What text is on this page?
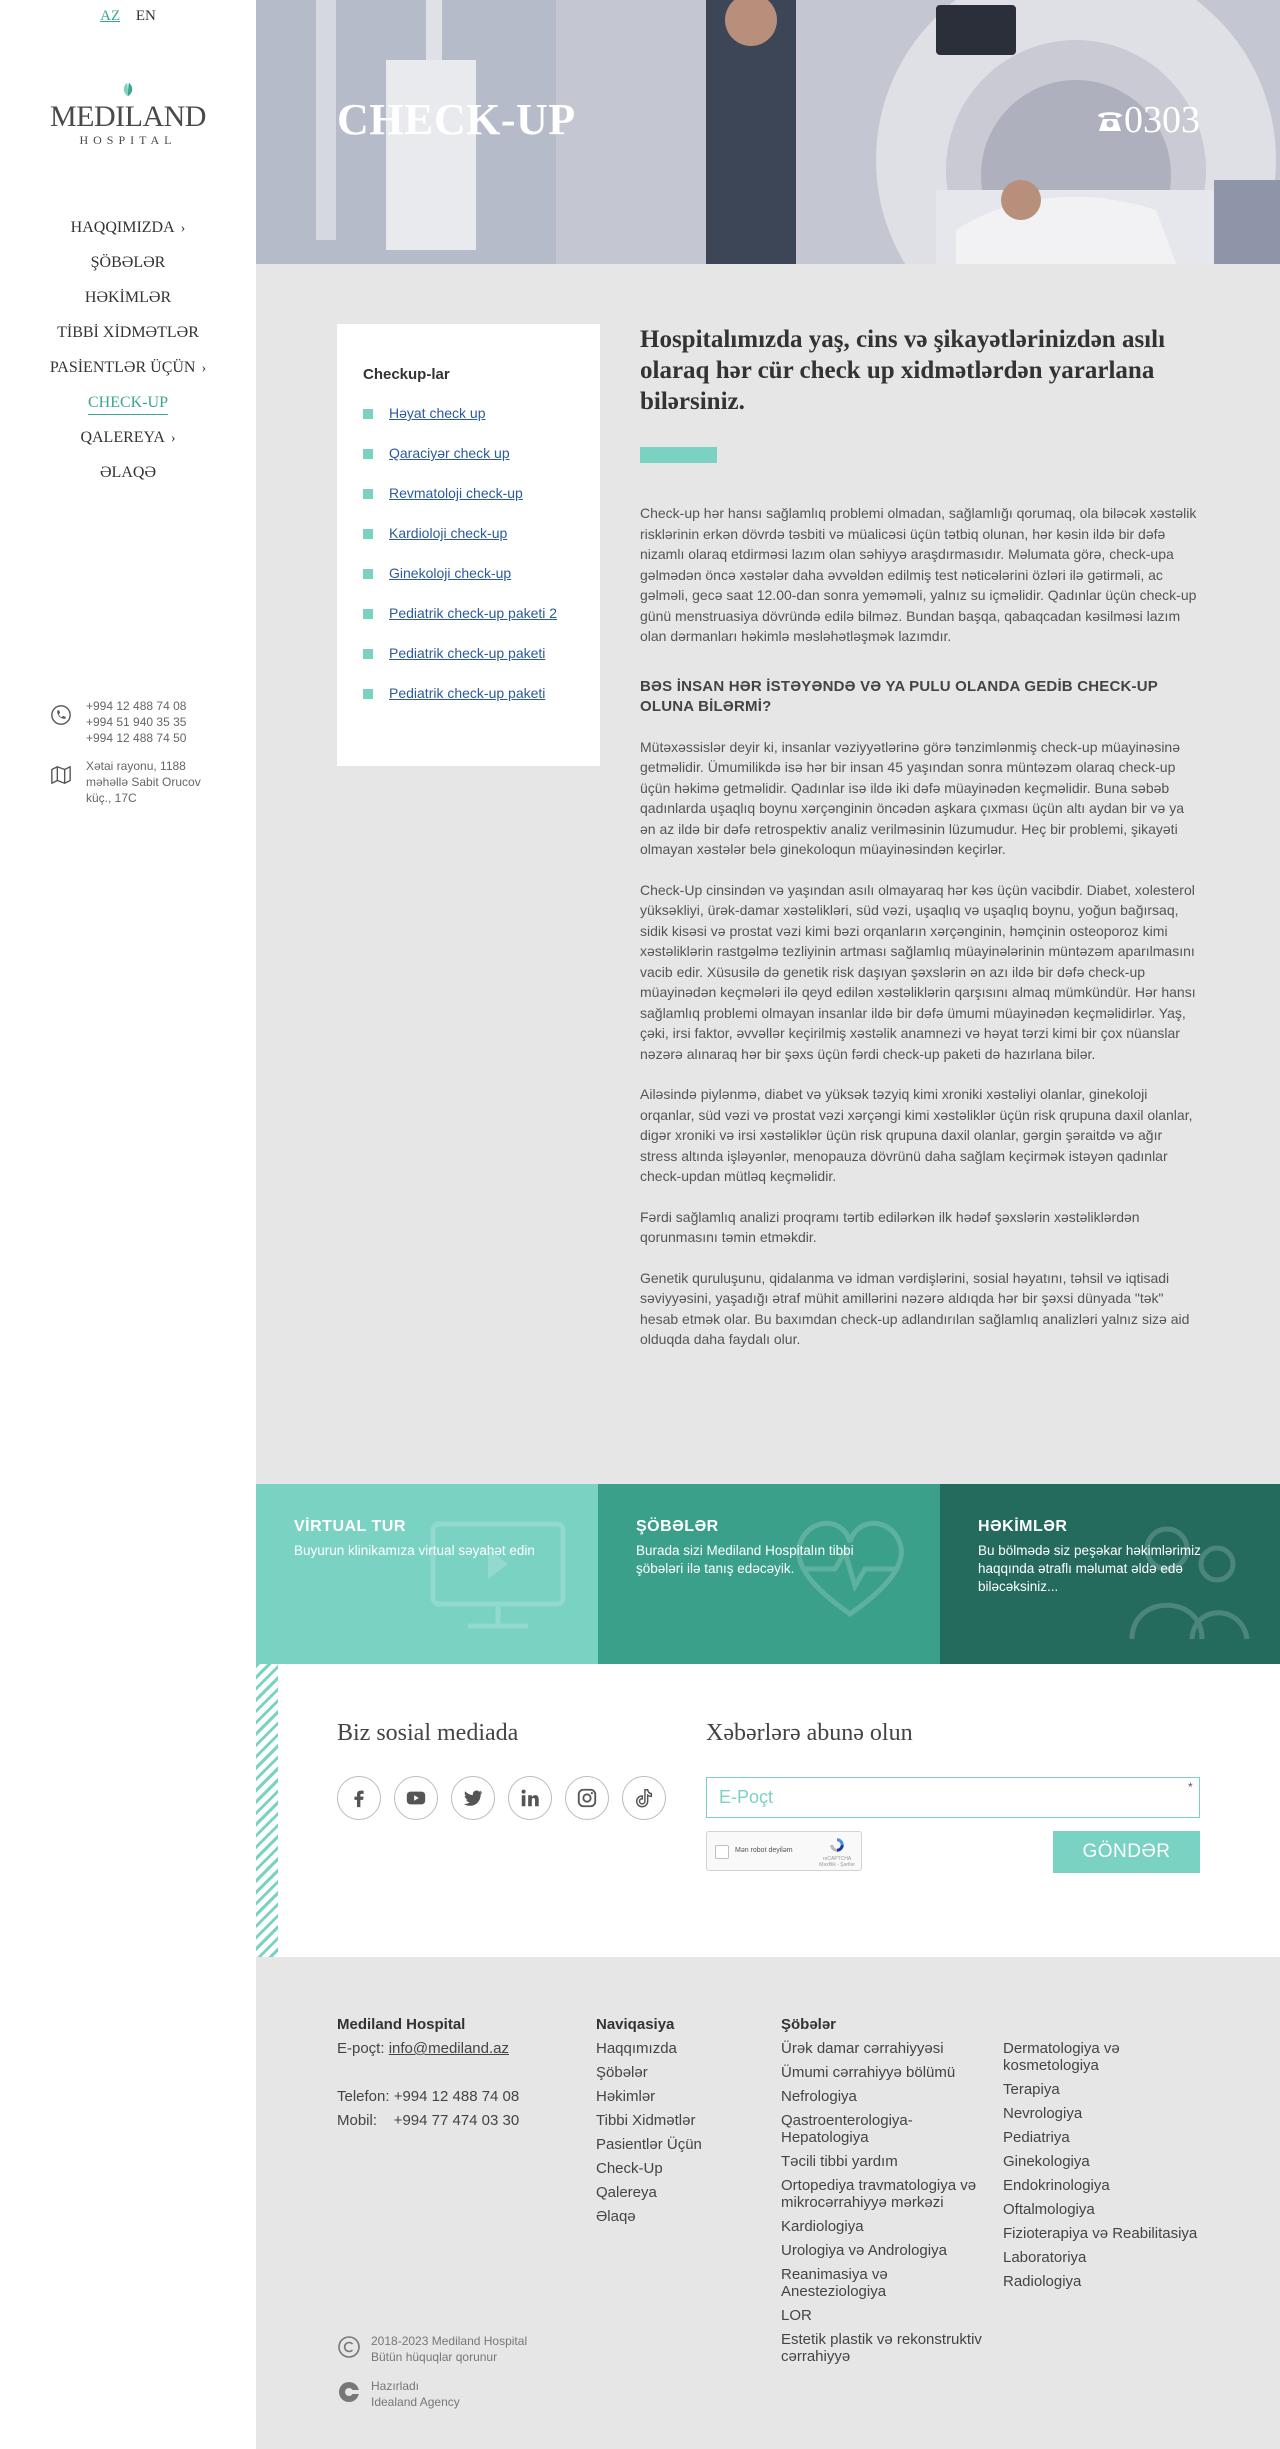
AZ EN
MEDILAND
HOSPITAL
HAQQIMIZDA ›
ŞÖBƏLƏR
HƏKİMLƏR
TİBBİ XİDMƏTLƏR
PASİENTLƏR ÜÇÜN ›
CHECK-UP
QALEREYA ›
ƏLAQƏ
+994 12 488 74 08
+994 51 940 35 35
+994 12 488 74 50
Xətai rayonu, 1188
məhəllə Sabit Orucov
küç., 17C
CHECK-UP	0303
Checkup-lar
Həyat check up
Qaraciyər check up
Revmatoloji check-up
Kardioloji check-up
Ginekoloji check-up
Pediatrik check-up paketi 2
Pediatrik check-up paketi
Pediatrik check-up paketi
Hospitalımızda yaş, cins və şikayətlərinizdən asılı olaraq hər cür check up xidmətlərdən yararlana bilərsiniz.

Check-up hər hansı sağlamlıq problemi olmadan, sağlamlığı qorumaq, ola biləcək xəstəlik risklərinin erkən dövrdə təsbiti və müalicəsi üçün tətbiq olunan, hər kəsin ildə bir dəfə nizamlı olaraq etdirməsi lazım olan səhiyyə araşdırmasıdır. Məlumata görə, check-upa gəlmədən öncə xəstələr daha əvvəldən edilmiş test nəticələrini özləri ilə gətirməli, ac gəlməli, gecə saat 12.00-dan sonra yeməməli, yalnız su içməlidir. Qadınlar üçün check-up günü menstruasiya dövründə edilə bilməz. Bundan başqa, qabaqcadan kəsilməsi lazım olan dərmanları həkimlə məsləhətləşmək lazımdır.

BƏS İNSAN HƏR İSTƏYƏNDƏ VƏ YA PULU OLANDA GEDİB CHECK-UP OLUNA BİLƏRMİ?

Mütəxəssislər deyir ki, insanlar vəziyyətlərinə görə tənzimlənmiş check-up müayinəsinə getməlidir. Ümumilikdə isə hər bir insan 45 yaşından sonra müntəzəm olaraq check-up üçün həkimə getməlidir. Qadınlar isə ildə iki dəfə müayinədən keçməlidir. Buna səbəb qadınlarda uşaqlıq boynu xərçənginin öncədən aşkara çıxması üçün altı aydan bir və ya ən az ildə bir dəfə retrospektiv analiz verilməsinin lüzumudur. Heç bir problemi, şikayəti olmayan xəstələr belə ginekoloqun müayinəsindən keçirlər.

Check-Up cinsindən və yaşından asılı olmayaraq hər kəs üçün vacibdir. Diabet, xolesterol yüksəkliyi, ürək-damar xəstəlikləri, süd vəzi, uşaqlıq və uşaqlıq boynu, yoğun bağırsaq, sidik kisəsi və prostat vəzi kimi bəzi orqanların xərçənginin, həmçinin osteoporoz kimi xəstəliklərin rastgəlmə tezliyinin artması sağlamlıq müayinələrinin müntəzəm aparılmasını vacib edir. Xüsusilə də genetik risk daşıyan şəxslərin ən azı ildə bir dəfə check-up müayinədən keçmələri ilə qeyd edilən xəstəliklərin qarşısını almaq mümkündür. Hər hansı sağlamlıq problemi olmayan insanlar ildə bir dəfə ümumi müayinədən keçməlidirlər. Yaş, çəki, irsi faktor, əvvəllər keçirilmiş xəstəlik anamnezi və həyat tərzi kimi bir çox nüanslar nəzərə alınaraq hər bir şəxs üçün fərdi check-up paketi də hazırlana bilər.

Ailəsində piylənmə, diabet və yüksək təzyiq kimi xroniki xəstəliyi olanlar, ginekoloji orqanlar, süd vəzi və prostat vəzi xərçəngi kimi xəstəliklər üçün risk qrupuna daxil olanlar, digər xroniki və irsi xəstəliklər üçün risk qrupuna daxil olanlar, gərgin şəraitdə və ağır stress altında işləyənlər, menopauza dövrünü daha sağlam keçirmək istəyən qadınlar check-updan mütləq keçməlidir.

Fərdi sağlamlıq analizi proqramı tərtib edilərkən ilk hədəf şəxslərin xəstəliklərdən qorunmasını təmin etməkdir.

Genetik quruluşunu, qidalanma və idman vərdişlərini, sosial həyatını, təhsil və iqtisadi səviyyəsini, yaşadığı ətraf mühit amillərini nəzərə aldıqda hər bir şəxsi dünyada "tək" hesab etmək olar. Bu baxımdan check-up adlandırılan sağlamlıq analizləri yalnız sizə aid olduqda daha faydalı olur.

VİRTUAL TUR

Buyurun klinikamıza virtual səyahət edin

ŞÖBƏLƏR

Burada sizi Mediland Hospitalın tibbi şöbələri ilə tanış edəcəyik.

HƏKİMLƏR

Bu bölmədə siz peşəkar həkimlərimiz haqqında ətraflı məlumat əldə edə biləcəksiniz...

Biz sosial mediada	Xəbərlərə abunə olun
E-Poçt	*
Mən robot deyiləm
reCAPTCHA
Məxfilik - Şərtlər
GÖNDƏR
Mediland Hospital
E-poçt: info@mediland.az
Telefon: +994 12 488 74 08
Mobil:    +994 77 474 03 30
Naviqasiya
Haqqımızda
Şöbələr
Həkimlər
Tibbi Xidmətlər
Pasientlər Üçün
Check-Up
Qalereya
Əlaqə
Şöbələr
Ürək damar cərrahiyyəsi
Ümumi cərrahiyyə bölümü
Nefrologiya
Qastroenterologiya-Hepatologiya
Təcili tibbi yardım
Ortopediya travmatologiya və mikrocərrahiyyə mərkəzi
Kardiologiya
Urologiya və Andrologiya
Reanimasiya və Anesteziologiya
LOR
Estetik plastik və rekonstruktiv cərrahiyyə
Dermatologiya və kosmetologiya
Terapiya
Nevrologiya
Pediatriya
Ginekologiya
Endokrinologiya
Oftalmologiya
Fizioterapiya və Reabilitasiya
Laboratoriya
Radiologiya
2018-2023 Mediland Hospital
Bütün hüquqlar qorunur
Hazırladı
Idealand Agency
